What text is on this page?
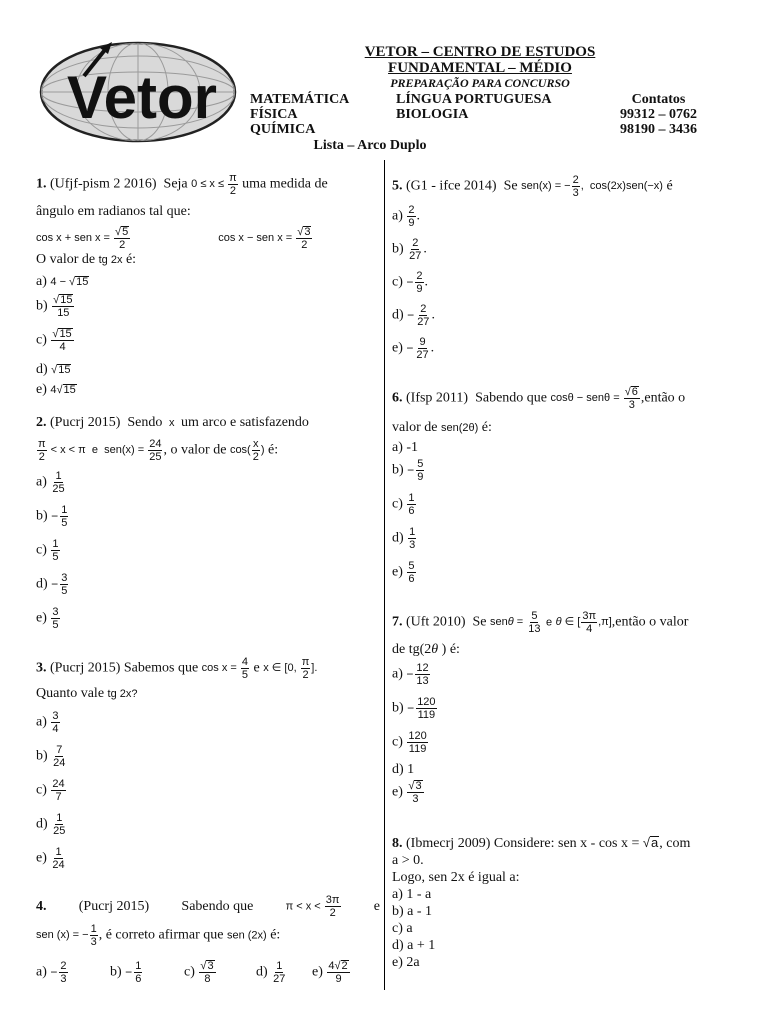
Vetor
VETOR – CENTRO DE ESTUDOS
FUNDAMENTAL – MÉDIO
PREPARAÇÃO PARA CONCURSO
MATEMÁTICA
FÍSICA
QUÍMICA
LÍNGUA PORTUGUESA
BIOLOGIA
Contatos
99312 – 0762
98190 – 3436
Lista – Arco Duplo
1. (Ufjf-pism 2 2016) Seja $0 \le x \le \frac{\pi}{2}$ uma medida de
ângulo em radianos tal que:
cos x + sen $x = \frac{√5}{2}$	cos x − sen $x = \frac{√3}{2}$
O valor de tg 2x é:
a) 4 − √15
$b) \frac{√15}{15}$
$c) \frac{√15}{4}$
d) √15
e) 4√15
2. (Pucrj 2015) Sendo  x  um arco e satisfazendo
$\frac{\pi}{2} < x < \pi$  e  $sen(x) = \frac{24}{25}$ , o valor de $\cos( \frac{x}{2}$ ) é:
$a) \frac{1}{25}$
$b) - \frac{1}{5}$
$c) \frac{1}{5}$
$d) - \frac{3}{5}$
$e) \frac{3}{5}$
3. (Pucrj 2015) Sabemos que $\cos x = \frac{4}{5}$ e x ∈ [0, $\frac{\pi}{2}$ ].
Quanto vale tg 2x?
$a) \frac{3}{4}$
$b) \frac{7}{24}$
$c) \frac{24}{7}$
$d) \frac{1}{25}$
$e) \frac{1}{24}$
4. (Pucrj 2015) Sabendo que	$\pi < x < \frac{3\pi}{2}$ e
sen (x) = − $\frac{1}{3}$ , é correto afirmar que sen (2x) é:
$a) - \frac{2}{3}$	$b) - \frac{1}{6}$	$c) \frac{√3}{8}$	$d) \frac{1}{27} e) \frac{4√2}{9}$
5. (G1 - ifce 2014) Se sen(x) = − $\frac{2}{3}$ ,  cos(2x)sen(−x) é
$a) \frac{2}{9}$ .
$b) \frac{2}{27}$ .
$c) - \frac{2}{9}$ .
$d) - \frac{2}{27}$ .
$e) - \frac{9}{27}$ .
6. (Ifsp 2011) Sabendo que $\cos\theta - sen\theta = \frac{√6}{3}$ ,então o
valor de sen(2θ) é:
a) -1
$b) - \frac{5}{9}$
$c) \frac{1}{6}$
$d) \frac{1}{3}$
$e) \frac{5}{6}$
7. (Uft 2010) Se $sen\theta = \frac{5}{13}$ e θ ∈ [ $\frac{3\pi}{4}$ ,π],então o valor
de tg(2θ ) é:
$a) - \frac{12}{13}$
$b) - \frac{120}{119}$
$c) \frac{120}{119}$
d) 1
$e) \frac{√3}{3}$
8. (Ibmecrj 2009) Considere: sen x - cos x = √a, com
a > 0.
Logo, sen 2x é igual a:
a) 1 - a
b) a - 1
c) a
d) a + 1
e) 2a
